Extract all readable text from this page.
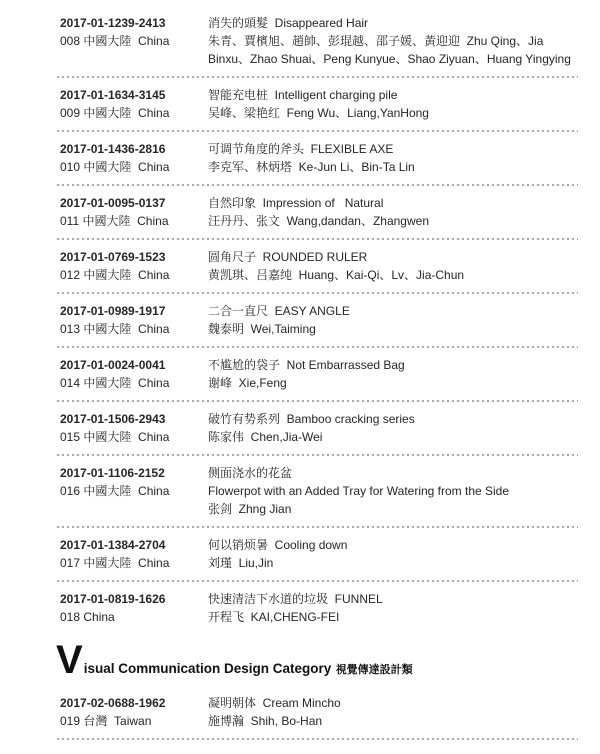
2017-01-1239-2413
008 中國大陸  China
消失的頭髮  Disappeared Hair
朱青、賈檳旭、趙帥、彭琨越、邵子媛、黃迎迎  Zhu Qing、Jia Binxu、Zhao Shuai、Peng Kunyue、Shao Ziyuan、Huang Yingying
2017-01-1634-3145
009 中國大陸  China
智能充电桩  Intelligent charging pile
吴峰、梁艳红  Feng Wu、Liang,YanHong
2017-01-1436-2816
010 中國大陸  China
可调节角度的斧头  FLEXIBLE AXE
李克军、林炳塔  Ke-Jun Li、Bin-Ta Lin
2017-01-0095-0137
011 中國大陸  China
自然印象  Impression of   Natural
汪丹丹、张文  Wang,dandan、Zhangwen
2017-01-0769-1523
012 中國大陸  China
圆角尺子  ROUNDED RULER
黄凯琪、吕嘉纯  Huang、Kai-Qi、Lv、Jia-Chun
2017-01-0989-1917
013 中國大陸  China
二合一直尺  EASY ANGLE
魏泰明  Wei,Taiming
2017-01-0024-0041
014 中國大陸  China
不尴尬的袋子  Not Embarrassed Bag
谢峰  Xie,Feng
2017-01-1506-2943
015 中國大陸  China
破竹有势系列  Bamboo cracking series
陈家伟  Chen,Jia-Wei
2017-01-1106-2152
016 中國大陸  China
侧面浇水的花盆
Flowerpot with an Added Tray for Watering from the Side
张剑  Zhng Jian
2017-01-1384-2704
017 中國大陸  China
何以销烦暑  Cooling down
刘瑾  Liu,Jin
2017-01-0819-1626
018 China
快速清洁下水道的垃圾  FUNNEL
开程飞  KAI,CHENG-FEI
Visual Communication Design Category 視覺傳達設計類
2017-02-0688-1962
019 台灣  Taiwan
凝明朝体  Cream Mincho
施博瀚  Shih, Bo-Han
